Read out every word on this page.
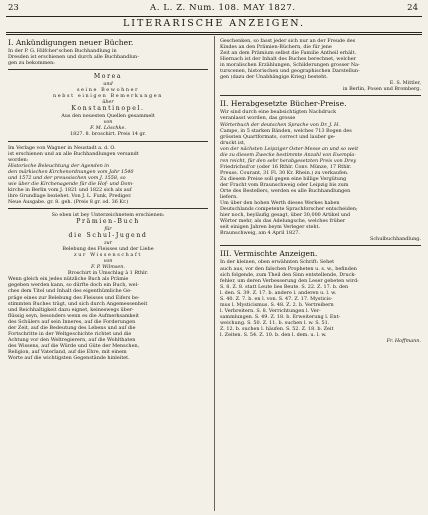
23	A. L. Z. Num. 108. MAY 1827.	24
LITERARISCHE ANZEIGEN.

I. Ankündigungen neuer Bücher.

In der P. G. Hilfcher'schen Buchhandlung in

Dresden ist erschienen und durch alle Buchhandlun-

gen zu bekommen:

Morea

und

seine Bewohner

nebst einigen Bemerkungen

über

Konstantinopel.

Aus den neuesten Quellen gesammelt

von

F. M. Löschke.

1827. 8. broschirt. Preis 14 gr.

Im Verlage von Wagner in Neustadt a. d. O.

ist erschienen und an alle Buchhandlungen versandt

worden:

Historische Beleuchtung der Agenden in

den märkischen Kirchenordnungen vom Jahr 1540

und 1572 und der preussischen vom J. 1558, so

wie über die Kirchenagende für die Hof- und Dom-

kirche in Berlin vom J. 1821 und 1822 sich als auf

ihre Grundlage beziehet. Von J. L. Funk, Prediger.

Neue Ausgabe. gr. 8. geh. (Preis 8 gr. od. 36 Kr.)

So eben ist bey Unterzeichnetem erschienen:

Prämien-Buch

für

die Schul-Jugend

zur

Belebung des Fleisses und der Liebe

zur Wissenschaft

von

F. P. Wilmsen.

Broschirt in Umschlag à 1 Rthlr.

Wenn gleich ein jedes nützliche Buch als Prämie

gegeben werden kann, so dürfte doch ein Buch, wel-

ches dem Titel und Inhalt des eigenthümliche Ge-

präge eines zur Belebung des Fleisses und Eifers be-

stimmten Buches trägt, und sich durch Angemessenheit

und Reichhaltigkeit dazu eignet, keineswegs über-

flüssig seyn, besonders wenn es die Aufmerksamkeit

des Schülers auf sein Inneres, auf die Forderungen

der Zeit, auf die Bedeutung des Lebens und auf die

Fortschritte in der Weltgeschichte richtet und die

Achtung vor den Weltregierern, auf die Wohlthaten

des Wissens, auf die Würde und Güte der Menschen,

Religion, auf Vaterland, auf die Ehre, mit einem

Worte auf die wichtigsten Gegenstände hinleitet.

Geschenken, so fasst jeder sich nur an der Freude des

Kindes an den Prämien-Büchern, die für jene

Zeit an dem Prämium selbst die Familie Antheil erhält.

Hiernach ist der Inhalt des Buches berechnet, welcher

in moralischen Erzählungen, Schilderungen grosser Na-

turscenen, historischen und geographischen Darstellun-

gen (dazu der Unabhängige Krieg) besteht.

E. S. Mittler,

in Berlin, Posen und Bromberg.

II. Herabgesetzte Bücher-Preise.

Wir sind durch eine beabsichtigten Nachdruck

veranlasst worden, das grosse

Wörterbuch der deutschen Sprache von Dr. J. H.

Campe, in 5 starken Bänden, welches 713 Bogen des

grössten Quartformats, correct und lauber ge-

druckt ist,

von der nächsten Leipziger Oster-Messe an und so weit

die zu diesem Zwecke bestimmte Anzahl von Exempla-

ren reicht, für den sehr herabgesetzten Preis von Drey

Friedrichsd'or (oder 16 Rthlr. Conv. Münze, 17 Rthlr.

Preuss. Courant, 31 Fl. 30 Kr. Rhein.) zu verkaufen.

Zu diesem Preise soll gegen eine billige Vergütung

der Fracht vom Braunschweig oder Leipzig bis zum

Orte des Bestellers, werden es alle Buchhandlungen

liefern.

Um über den hohen Werth dieses Werkes haben

Deutschlands competente Sprachforscher entscheiden;

hier noch, beyläufig gesagt, über 30,000 Artikel und

Wörter mehr, als das Adelungsche, welches früher

seit einigen Jahren beym Verleger steht.

Braunschweig, am 4 April 1827.

Schulbuchhandlung.

III. Vermischte Anzeigen.

In der kleinen, oben erwähnten Schrift: Sehet

auch aus, vor den falschen Propheten u. s. w., befinden

sich folgende, zum Theil den Sinn entstellende, Druck-

fehler, um deren Verbesserung den Leser gebeten wird:

S. 8. Z. 8. statt Leute lies Beute. S. 22. Z. 17. b. den

l. den. S. 39. Z. 17. b. andere l. anderen u. l. w.

S. 40. Z. 7. b. en l. von. S. 47. Z. 17. Mysticis-

mus l. Mysticismus. S. 48. Z. 2. b. Vertreibern

l. Verbreitern. S. 8. Verrichtungen l. Ver-

sammlungen. S. 49. Z. 18. b. Erweiterung l. Ent-

weichung. S. 50. Z. 11. b. suchen l. w. S. 51.

Z. 12. b. suchen l. häufen. S. 52. Z. 18. b. Zeit

l. Zeiten. S. 54. Z. 10. b. den l. dem. u. l. w.

Fr. Hoffmann.
